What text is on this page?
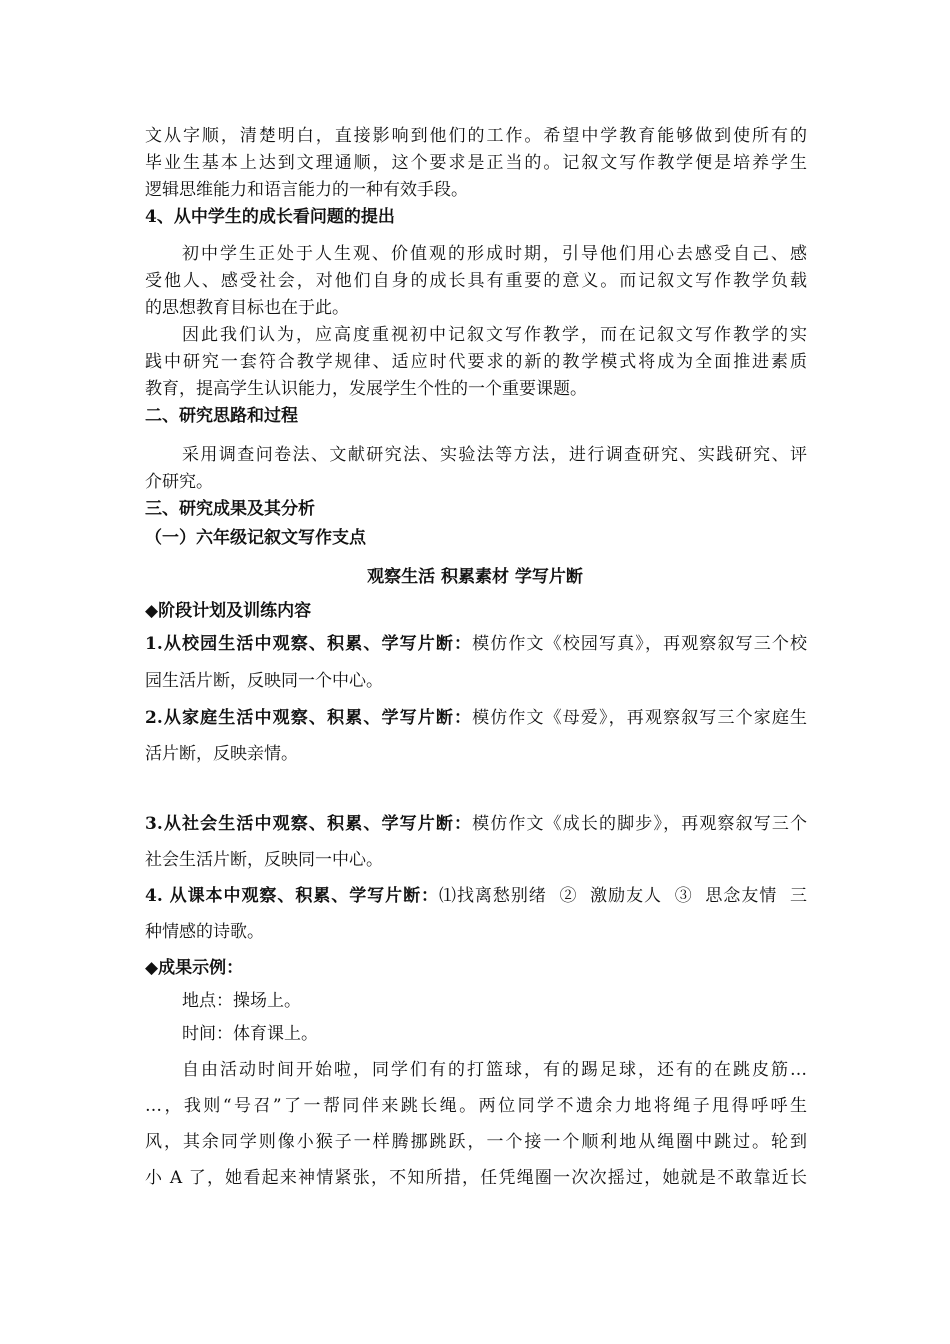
文从字顺，清楚明白，直接影响到他们的工作。希望中学教育能够做到使所有的
毕业生基本上达到文理通顺，这个要求是正当的。记叙文写作教学便是培养学生
逻辑思维能力和语言能力的一种有效手段。
4、从中学生的成长看问题的提出
初中学生正处于人生观、价值观的形成时期，引导他们用心去感受自己、感
受他人、感受社会，对他们自身的成长具有重要的意义。而记叙文写作教学负载
的思想教育目标也在于此。
因此我们认为，应高度重视初中记叙文写作教学，而在记叙文写作教学的实
践中研究一套符合教学规律、适应时代要求的新的教学模式将成为全面推进素质
教育，提高学生认识能力，发展学生个性的一个重要课题。
二、研究思路和过程
采用调查问卷法、文献研究法、实验法等方法，进行调查研究、实践研究、评
介研究。
三、研究成果及其分析
（一）六年级记叙文写作支点
观察生活 积累素材 学写片断
◆阶段计划及训练内容
1.从校园生活中观察、积累、学写片断：模仿作文《校园写真》，再观察叙写三个校
园生活片断，反映同一个中心。
2.从家庭生活中观察、积累、学写片断：模仿作文《母爱》，再观察叙写三个家庭生
活片断，反映亲情。
3.从社会生活中观察、积累、学写片断：模仿作文《成长的脚步》，再观察叙写三个
社会生活片断，反映同一中心。
4. 从课本中观察、积累、学写片断：⑴找离愁别绪  ②  激励友人  ③  思念友情  三
种情感的诗歌。
◆成果示例：
地点：操场上。
时间：体育课上。
自由活动时间开始啦，同学们有的打篮球，有的踢足球，还有的在跳皮筋…
…，我则“号召”了一帮同伴来跳长绳。两位同学不遗余力地将绳子甩得呼呼生
风，其余同学则像小猴子一样腾挪跳跃，一个接一个顺利地从绳圈中跳过。轮到
小 A 了，她看起来神情紧张，不知所措，任凭绳圈一次次摇过，她就是不敢靠近长
